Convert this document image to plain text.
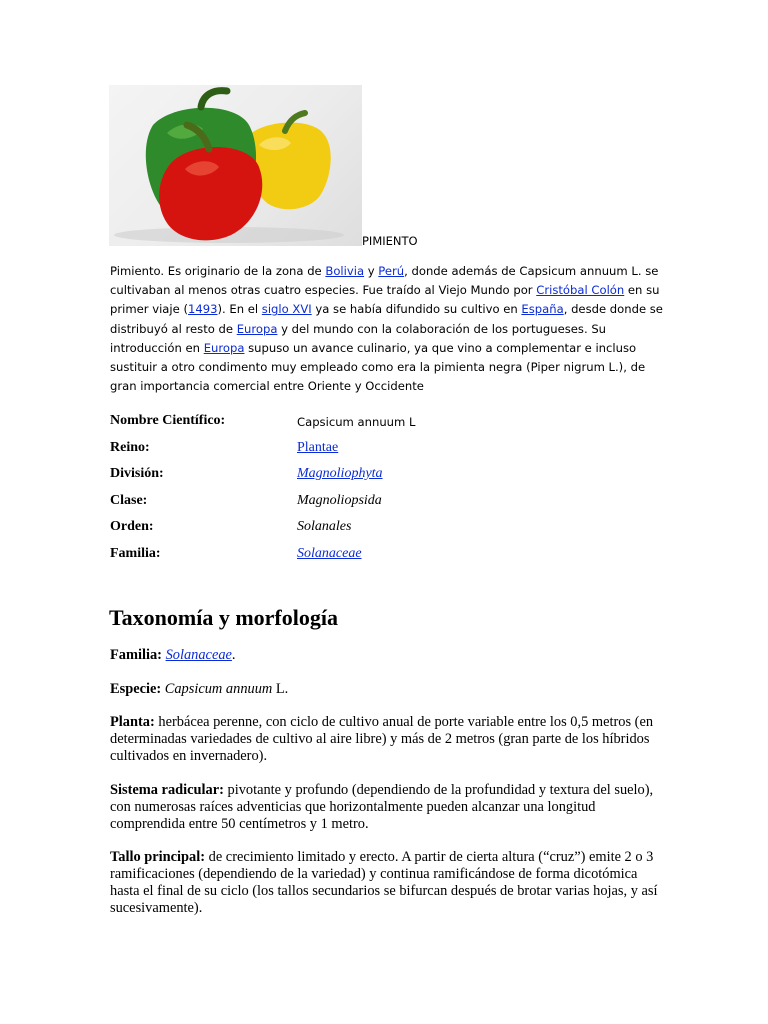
PIMIENTO

Pimiento. Es originario de la zona de Bolivia y Perú, donde además de Capsicum annuum L. se cultivaban al menos otras cuatro especies. Fue traído al Viejo Mundo por Cristóbal Colón en su primer viaje (1493). En el siglo XVI ya se había difundido su cultivo en España, desde donde se distribuyó al resto de Europa y del mundo con la colaboración de los portugueses. Su introducción en Europa supuso un avance culinario, ya que vino a complementar e incluso sustituir a otro condimento muy empleado como era la pimienta negra (Piper nigrum L.), de gran importancia comercial entre Oriente y Occidente

Nombre Científico:	Capsicum annuum L
Reino:	Plantae
División:	Magnoliophyta
Clase:	Magnoliopsida
Orden:	Solanales
Familia:	Solanaceae
Taxonomía y morfología

Familia: Solanaceae.

Especie: Capsicum annuum L.

Planta: herbácea perenne, con ciclo de cultivo anual de porte variable entre los 0,5 metros (en determinadas variedades de cultivo al aire libre) y más de 2 metros (gran parte de los híbridos cultivados en invernadero).

Sistema radicular: pivotante y profundo (dependiendo de la profundidad y textura del suelo), con numerosas raíces adventicias que horizontalmente pueden alcanzar una longitud comprendida entre 50 centímetros y 1 metro.

Tallo principal: de crecimiento limitado y erecto. A partir de cierta altura (“cruz”) emite 2 o 3 ramificaciones (dependiendo de la variedad) y continua ramificándose de forma dicotómica hasta el final de su ciclo (los tallos secundarios se bifurcan después de brotar varias hojas, y así sucesivamente).
